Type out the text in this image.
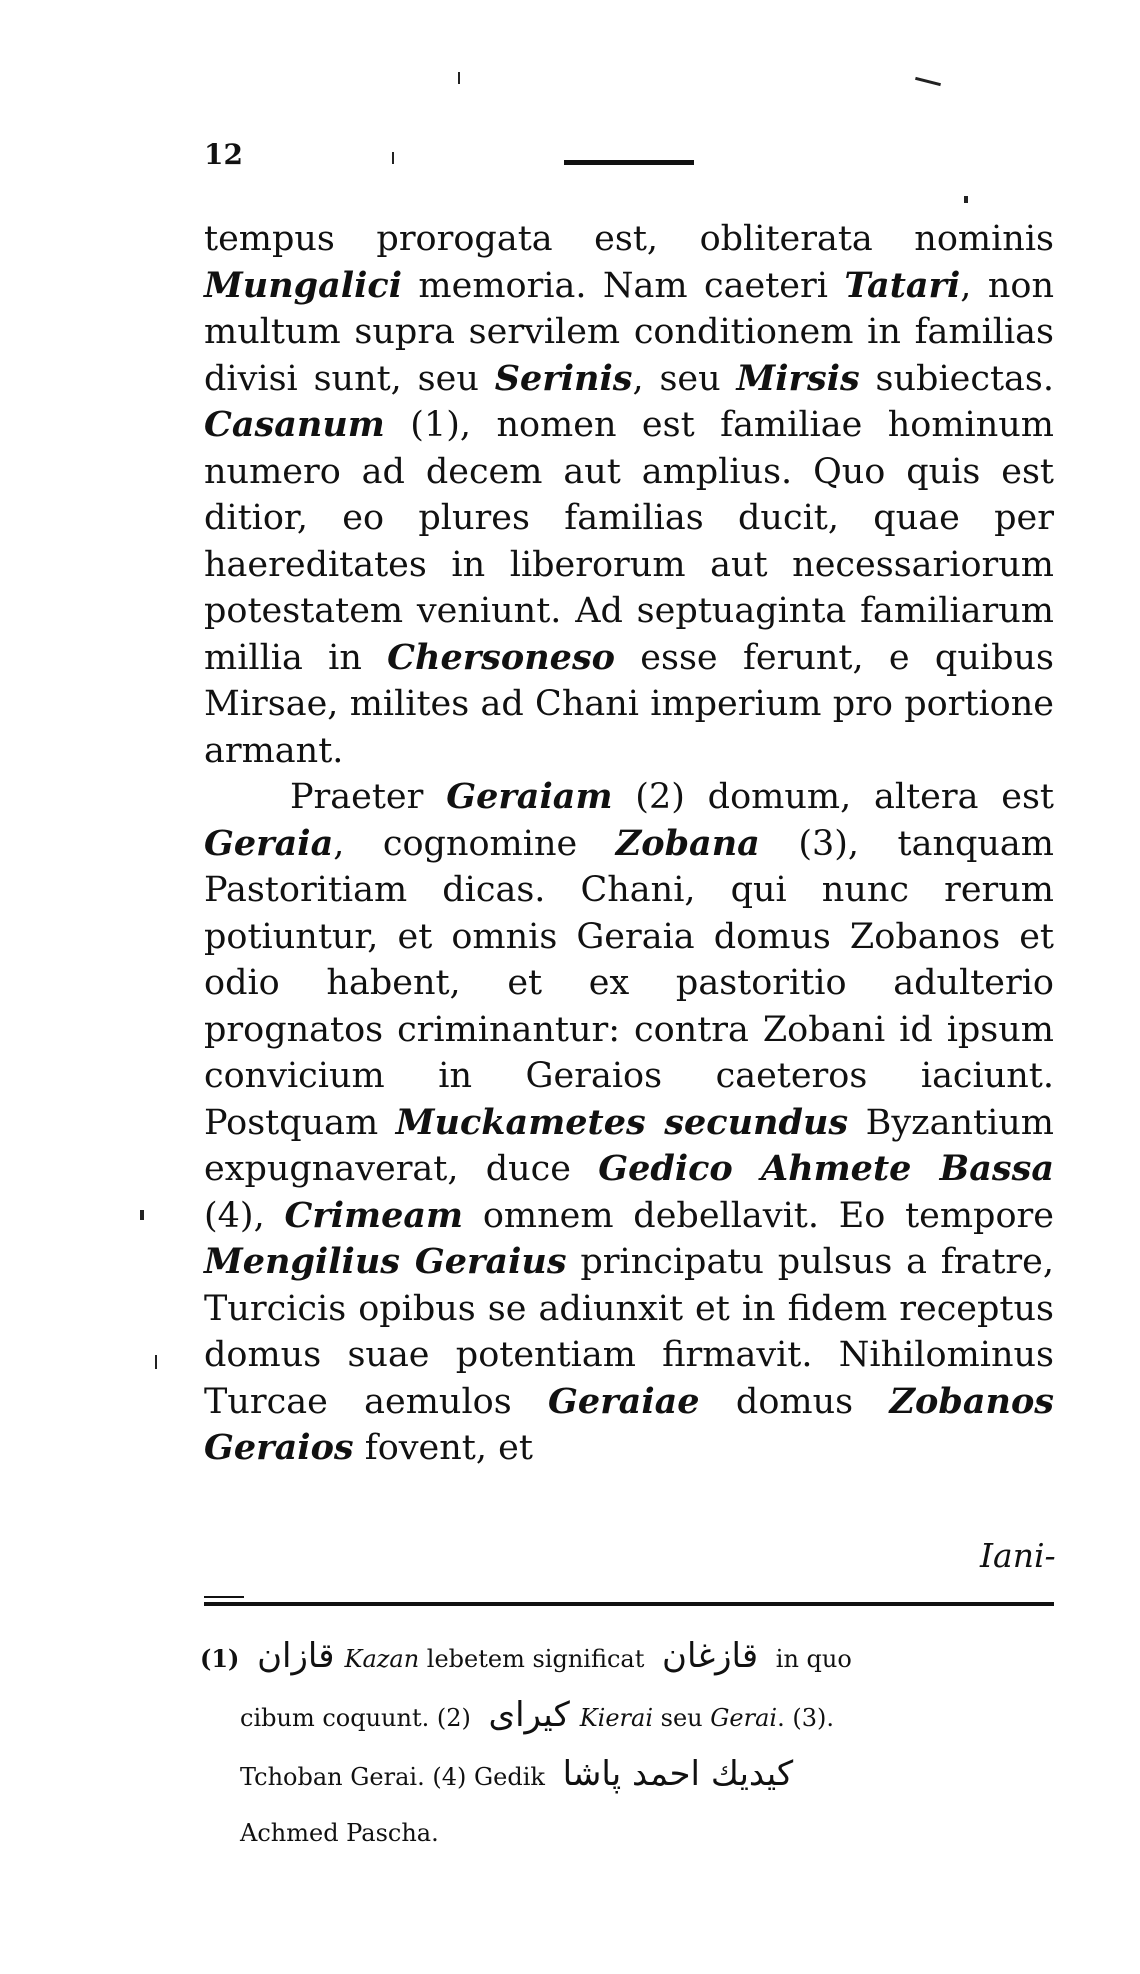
12

tempus prorogata est, obliterata nominis Mungalici memoria. Nam caeteri Tatari, non multum supra servilem conditionem in familias divisi sunt, seu Serinis, seu Mirsis subiectas. Casanum (1), nomen est familiae hominum numero ad decem aut amplius. Quo quis est ditior, eo plures familias ducit, quae per haereditates in liberorum aut necessariorum potestatem veniunt. Ad septuaginta familiarum millia in Chersoneso esse ferunt, e quibus Mirsae, milites ad Chani imperium pro portione armant.

Praeter Geraiam (2) domum, altera est Geraia, cognomine Zobana (3), tanquam Pastoritiam dicas. Chani, qui nunc rerum potiuntur, et omnis Geraia domus Zobanos et odio habent, et ex pastoritio adulterio prognatos criminantur: contra Zobani id ipsum convicium in Geraios caeteros iaciunt. Postquam Muckametes secundus Byzantium expugnaverat, duce Gedico Ahmete Bassa (4), Crimeam omnem debellavit. Eo tempore Mengilius Geraius principatu pulsus a fratre, Turcicis opibus se adiunxit et in fidem receptus domus suae potentiam firmavit. Nihilominus Turcae aemulos Geraiae domus Zobanos Geraios fovent, et

Iani-

(1) قازان Kazan lebetem significat قازغان in quo

cibum coquunt. (2) كيراى Kierai seu Gerai. (3).

Tchoban Gerai. (4) Gedik كيديك احمد پاشا

Achmed Pascha.
